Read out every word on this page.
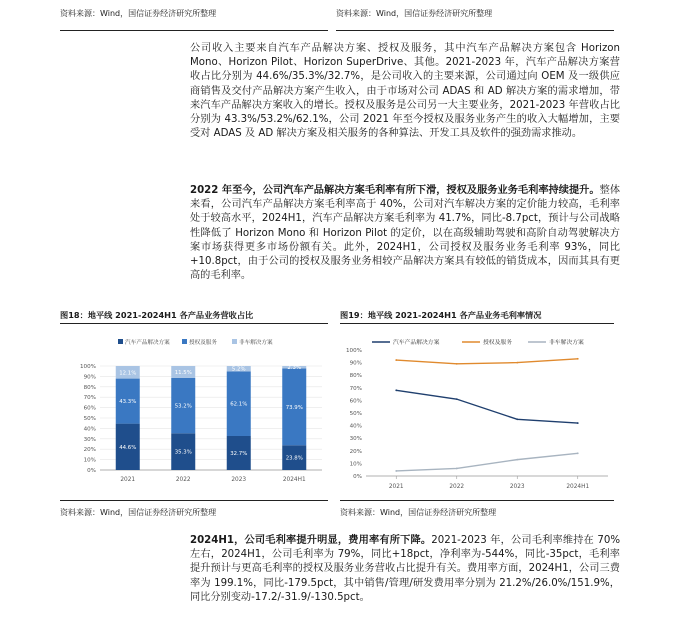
资料来源：Wind，国信证券经济研究所整理	资料来源：Wind，国信证券经济研究所整理

公司收入主要来自汽车产品解决方案、授权及服务，其中汽车产品解决方案包含 Horizon Mono、Horizon Pilot、Horizon SuperDrive、其他。2021-2023 年，汽车产品解决方案营收占比分别为 44.6%/35.3%/32.7%，是公司收入的主要来源，公司通过向 OEM 及一级供应商销售及交付产品解决方案产生收入，由于市场对公司 ADAS 和 AD 解决方案的需求增加，带来汽车产品解决方案收入的增长。授权及服务是公司另一大主要业务，2021-2023 年营收占比分别为 43.3%/53.2%/62.1%，公司 2021 年至今授权及服务业务产生的收入大幅增加，主要受对 ADAS 及 AD 解决方案及相关服务的各种算法、开发工具及软件的强劲需求推动。

2022 年至今，公司汽车产品解决方案毛利率有所下滑，授权及服务业务毛利率持续提升。整体来看，公司汽车产品解决方案毛利率高于 40%，公司对汽车解决方案的定价能力较高，毛利率处于较高水平，2024H1，汽车产品解决方案毛利率为 41.7%，同比-8.7pct，预计与公司战略性降低了 Horizon Mono 和 Horizon Pilot 的定价，以在高级辅助驾驶和高阶自动驾驶解决方案市场获得更多市场份额有关。此外，2024H1，公司授权及服务业务毛利率 93%，同比+10.8pct，由于公司的授权及服务业务相较产品解决方案具有较低的销货成本，因而其具有更高的毛利率。

图18：地平线 2021-2024H1 各产品业务营收占比	图19：地平线 2021-2024H1 各产品业务毛利率情况
汽车产品解决方案	授权及服务	非车解决方案
0%
10%
20%
30%
40%
50%
60%
70%
80%
90%
100%
44.6%
43.3%
12.1%
2021
35.3%
53.2%
11.5%
2022
32.7%
62.1%
5.2%
2023
23.8%
73.9%
2.3%
2024H1
汽车产品解决方案	授权及服务	非车解决方案
0%
10%
20%
30%
40%
50%
60%
70%
80%
90%
100%
2021	2022	2023	2024H1
资料来源：Wind，国信证券经济研究所整理	资料来源：Wind，国信证券经济研究所整理

2024H1，公司毛利率提升明显，费用率有所下降。2021-2023 年，公司毛利率维持在 70%左右，2024H1，公司毛利率为 79%，同比+18pct，净利率为-544%，同比-35pct，毛利率提升预计与更高毛利率的授权及服务业务营收占比提升有关。费用率方面，2024H1，公司三费率为 199.1%，同比-179.5pct，其中销售/管理/研发费用率分别为 21.2%/26.0%/151.9%，同比分别变动-17.2/-31.9/-130.5pct。
